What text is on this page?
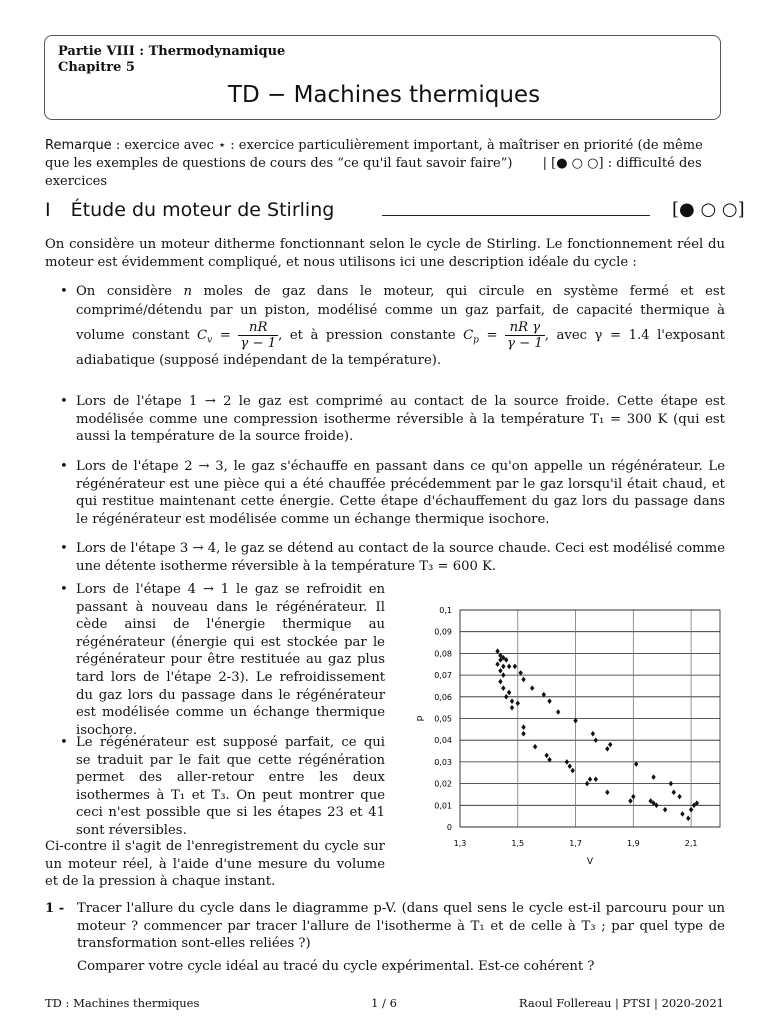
Partie VIII : Thermodynamique
Chapitre 5
TD − Machines thermiques
Remarque : exercice avec ⋆ : exercice particulièrement important, à maîtriser en priorité (de même que les exemples de questions de cours des “ce qu'il faut savoir faire”) | [● ○ ○] : difficulté des exercices
I Étude du moteur de Stirling	[● ○ ○]
On considère un moteur ditherme fonctionnant selon le cycle de Stirling. Le fonctionnement réel du moteur est évidemment compliqué, et nous utilisons ici une description idéale du cycle :
• On considère n moles de gaz dans le moteur, qui circule en système fermé et est comprimé/détendu par un piston, modélisé comme un gaz parfait, de capacité thermique à volume constant $C_v = \frac{nR}{\gamma - 1}$ , et à pression constante $C_p = \frac{\text{nR γ}}{\gamma - 1}$ , avec γ = 1.4 l'exposant adiabatique (supposé indépendant de la température).
• Lors de l'étape 1 → 2 le gaz est comprimé au contact de la source froide. Cette étape est modélisée comme une compression isotherme réversible à la température T₁ = 300 K (qui est aussi la température de la source froide).
• Lors de l'étape 2 → 3, le gaz s'échauffe en passant dans ce qu'on appelle un régénérateur. Le régénérateur est une pièce qui a été chauffée précédemment par le gaz lorsqu'il était chaud, et qui restitue maintenant cette énergie. Cette étape d'échauffement du gaz lors du passage dans le régénérateur est modélisée comme un échange thermique isochore.
• Lors de l'étape 3 → 4, le gaz se détend au contact de la source chaude. Ceci est modélisé comme une détente isotherme réversible à la température T₃ = 600 K.
• Lors de l'étape 4 → 1 le gaz se refroidit en passant à nouveau dans le régénérateur. Il cède ainsi de l'énergie thermique au régénérateur (énergie qui est stockée par le régénérateur pour être restituée au gaz plus tard lors de l'étape 2-3). Le refroidissement du gaz lors du passage dans le régénérateur est modélisée comme un échange thermique isochore.
• Le régénérateur est supposé parfait, ce qui se traduit par le fait que cette régénération permet des aller-retour entre les deux isothermes à T₁ et T₃. On peut montrer que ceci n'est possible que si les étapes 23 et 41 sont réversibles.
Ci-contre il s'agit de l'enregistrement du cycle sur un moteur réel, à l'aide d'une mesure du volume et de la pression à chaque instant.
0
0,01
0,02
0,03
0,04
0,05
0,06
0,07
0,08
0,09
0,1
1,3	1,5	1,7	1,9	2,1
p
V
1 - Tracer l'allure du cycle dans le diagramme p-V. (dans quel sens le cycle est-il parcouru pour un moteur ? commencer par tracer l'allure de l'isotherme à T₁ et de celle à T₃ ; par quel type de transformation sont-elles reliées ?)
Comparer votre cycle idéal au tracé du cycle expérimental. Est-ce cohérent ?
TD : Machines thermiques	1 / 6	Raoul Follereau | PTSI | 2020-2021
